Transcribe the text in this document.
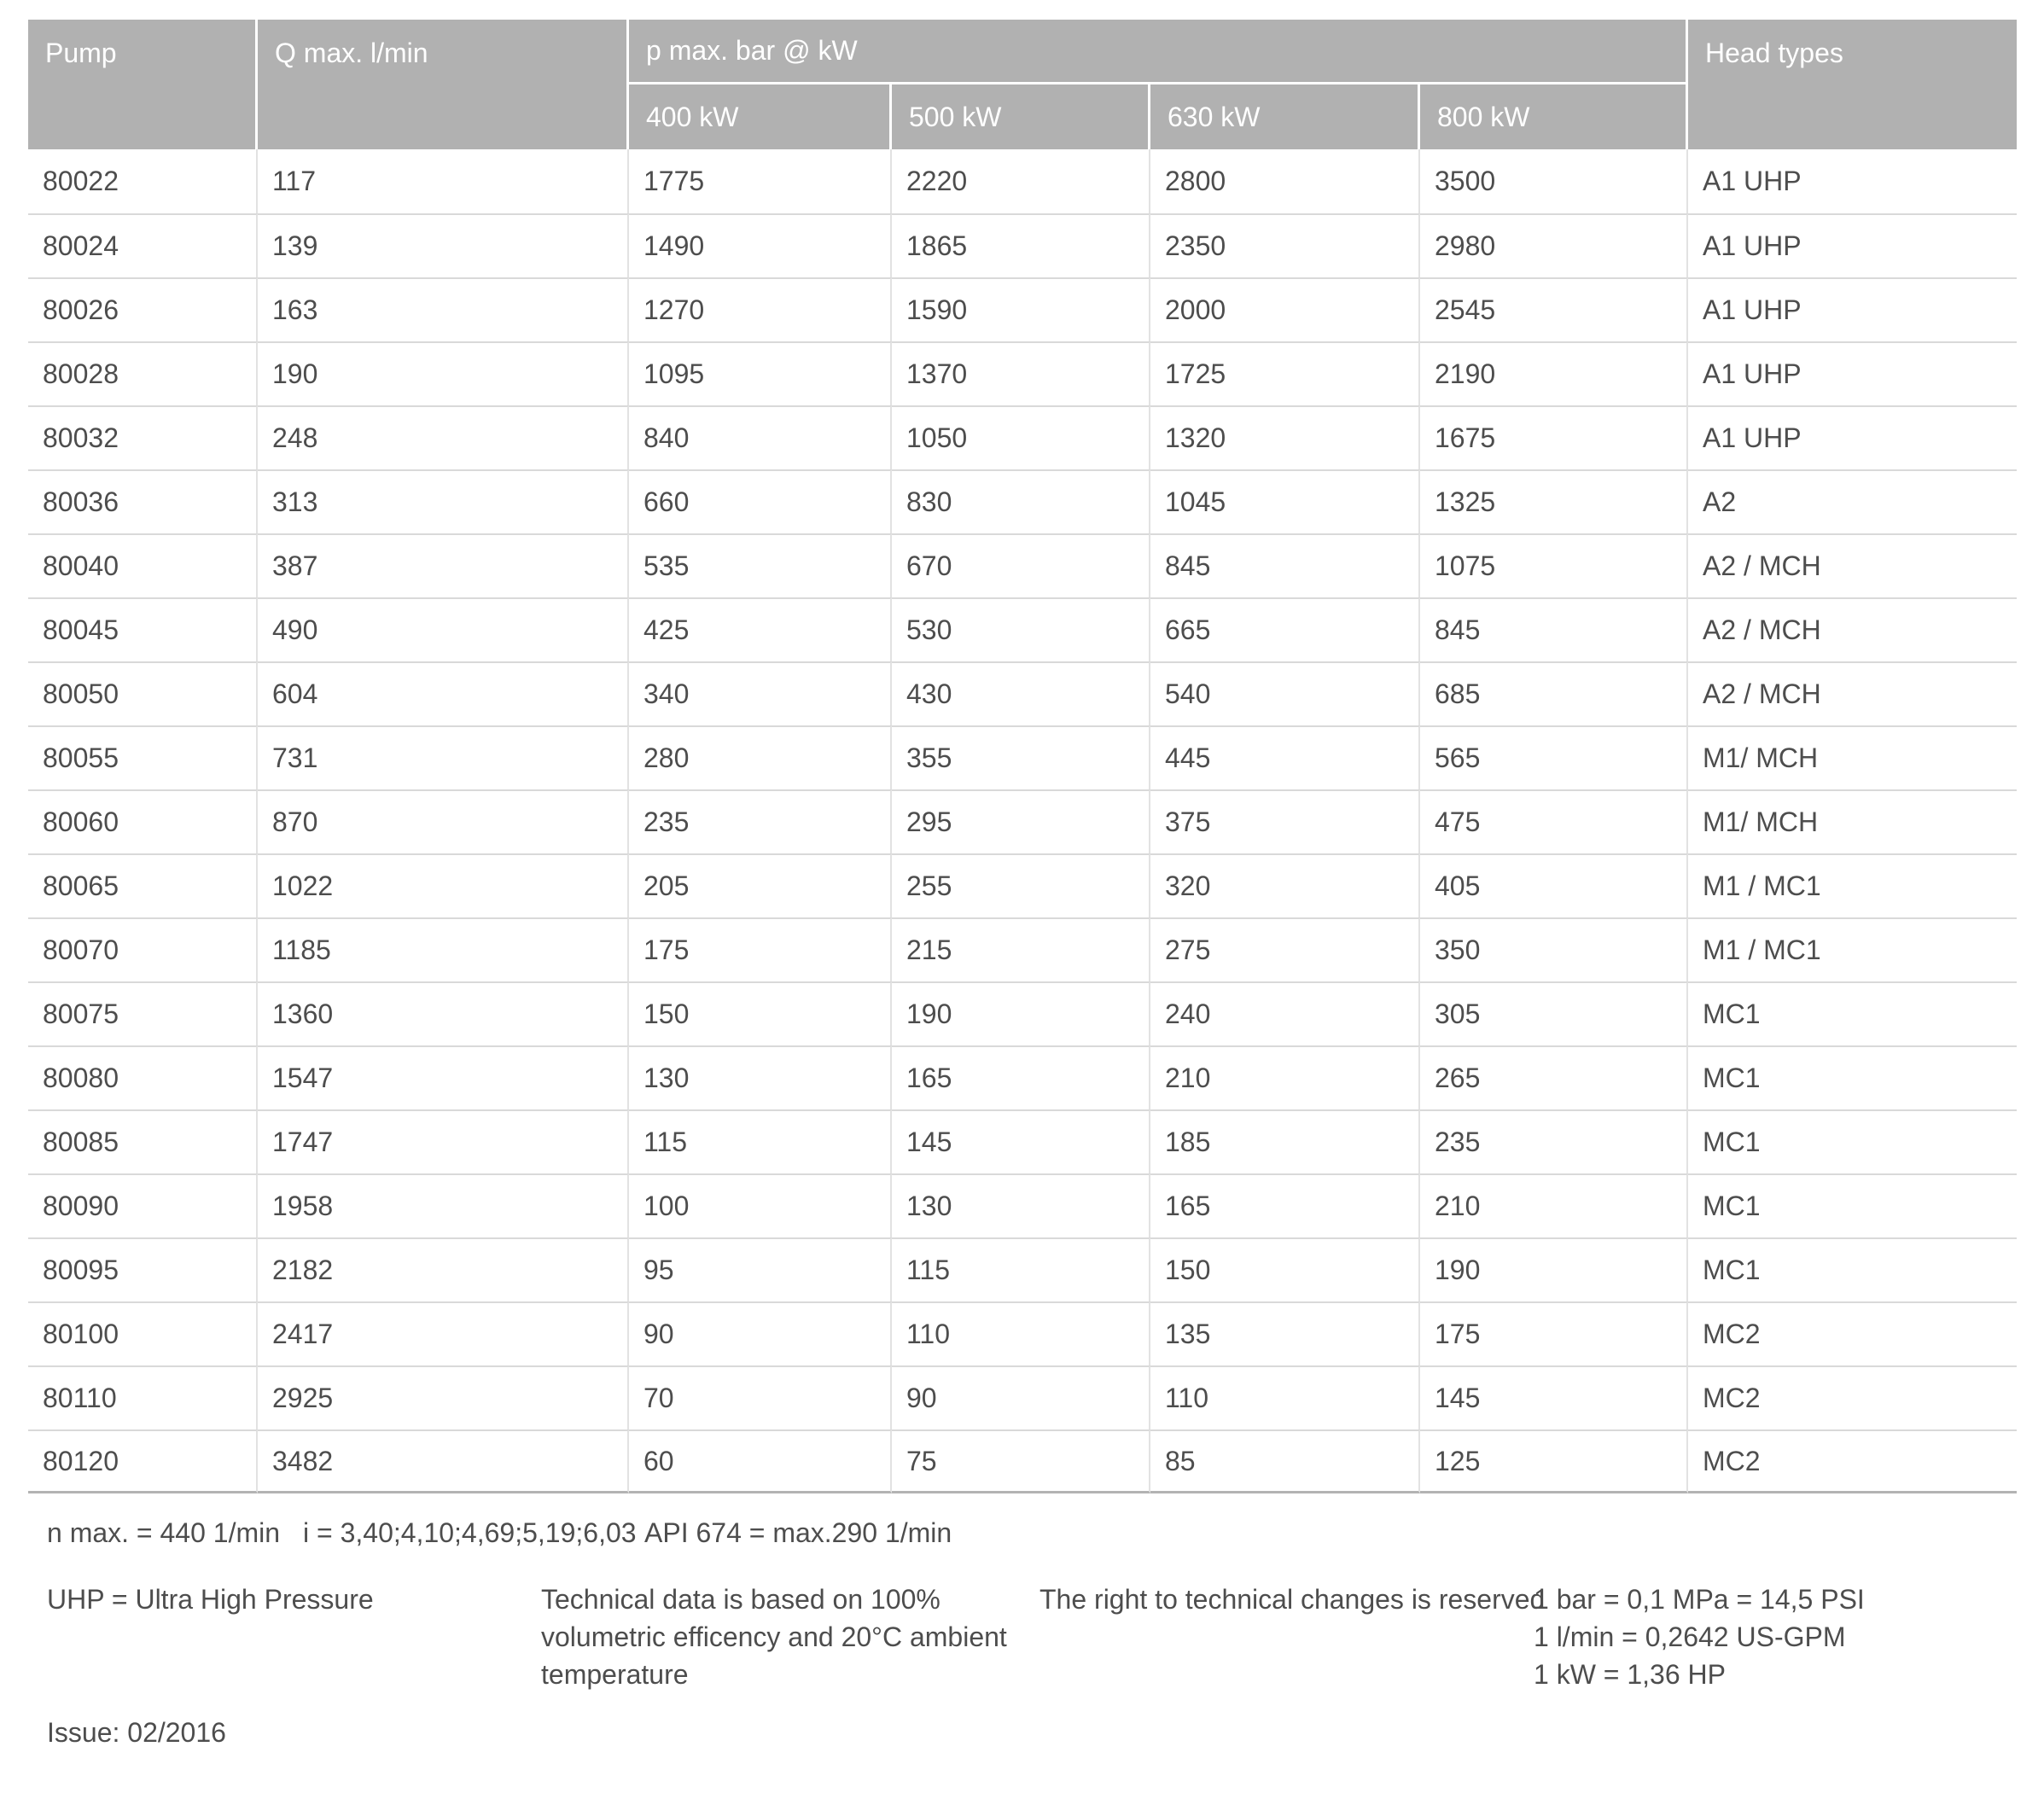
Pump	Q max. l/min	p max. bar @ kW				Head types
		400 kW	500 kW	630 kW	800 kW	
80022	117	1775	2220	2800	3500	A1 UHP
80024	139	1490	1865	2350	2980	A1 UHP
80026	163	1270	1590	2000	2545	A1 UHP
80028	190	1095	1370	1725	2190	A1 UHP
80032	248	840	1050	1320	1675	A1 UHP
80036	313	660	830	1045	1325	A2
80040	387	535	670	845	1075	A2 / MCH
80045	490	425	530	665	845	A2 / MCH
80050	604	340	430	540	685	A2 / MCH
80055	731	280	355	445	565	M1/ MCH
80060	870	235	295	375	475	M1/ MCH
80065	1022	205	255	320	405	M1 / MC1
80070	1185	175	215	275	350	M1 / MC1
80075	1360	150	190	240	305	MC1
80080	1547	130	165	210	265	MC1
80085	1747	115	145	185	235	MC1
80090	1958	100	130	165	210	MC1
80095	2182	95	115	150	190	MC1
80100	2417	90	110	135	175	MC2
80110	2925	70	90	110	145	MC2
80120	3482	60	75	85	125	MC2
n max. = 440 1/min i = 3,40;4,10;4,69;5,19;6,03 API 674 = max.290 1/min
UHP = Ultra High Pressure	Technical data is based on 100%
volumetric efficency and 20°C ambient
temperature
The right to technical changes is reserved
1 bar = 0,1 MPa = 14,5 PSI
1 l/min = 0,2642 US-GPM
1 kW = 1,36 HP
Issue: 02/2016
